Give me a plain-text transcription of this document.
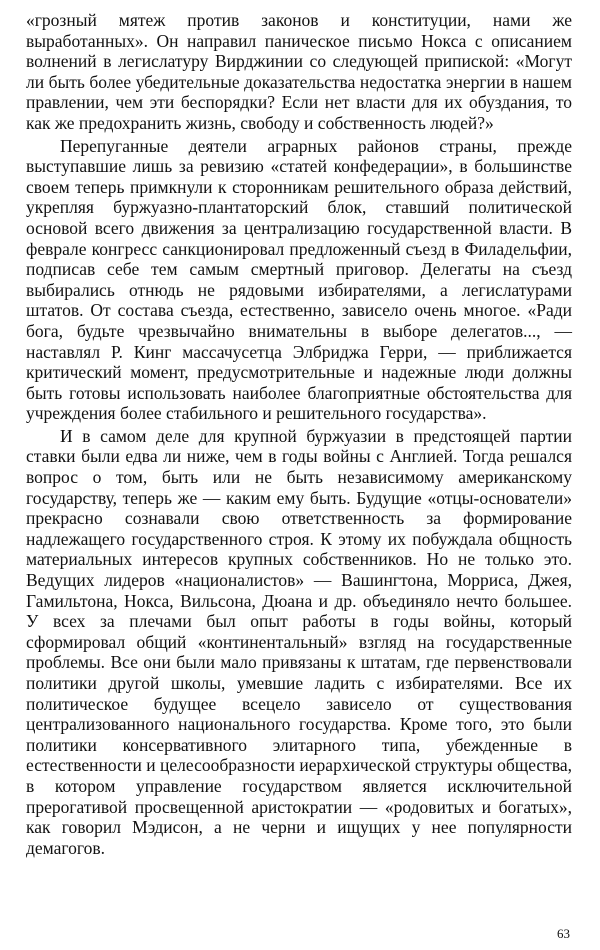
«грозный мятеж против законов и конституции, нами же выработанных». Он направил паническое письмо Нокса с описанием волнений в легислатуру Вирджинии со следующей припиской: «Могут ли быть более убедительные доказательства недостатка энергии в нашем правлении, чем эти беспорядки? Если нет власти для их обуздания, то как же предохранить жизнь, свободу и собственность людей?»

Перепуганные деятели аграрных районов страны, прежде выступавшие лишь за ревизию «статей конфедерации», в большинстве своем теперь примкнули к сторонникам решительного образа действий, укрепляя буржуазно-плантаторский блок, ставший политической основой всего движения за централизацию государственной власти. В феврале конгресс санкционировал предложенный съезд в Филадельфии, подписав себе тем самым смертный приговор. Делегаты на съезд выбирались отнюдь не рядовыми избирателями, а легислатурами штатов. От состава съезда, естественно, зависело очень многое. «Ради бога, будьте чрезвычайно внимательны в выборе делегатов..., — наставлял Р. Кинг массачусетца Элбриджа Герри, — приближается критический момент, предусмотрительные и надежные люди должны быть готовы использовать наиболее благоприятные обстоятельства для учреждения более стабильного и решительного государства».

И в самом деле для крупной буржуазии в предстоящей партии ставки были едва ли ниже, чем в годы войны с Англией. Тогда решался вопрос о том, быть или не быть независимому американскому государству, теперь же — каким ему быть. Будущие «отцы-основатели» прекрасно сознавали свою ответственность за формирование надлежащего государственного строя. К этому их побуждала общность материальных интересов крупных собственников. Но не только это. Ведущих лидеров «националистов» — Вашингтона, Морриса, Джея, Гамильтона, Нокса, Вильсона, Дюана и др. объединяло нечто большее. У всех за плечами был опыт работы в годы войны, который сформировал общий «континентальный» взгляд на государственные проблемы. Все они были мало привязаны к штатам, где первенствовали политики другой школы, умевшие ладить с избирателями. Все их политическое будущее всецело зависело от существования централизованного национального государства. Кроме того, это были политики консервативного элитарного типа, убежденные в естественности и целесообразности иерархической структуры общества, в котором управление государством является исключительной прерогативой просвещенной аристократии — «родовитых и богатых», как говорил Мэдисон, а не черни и ищущих у нее популярности демагогов.

63
